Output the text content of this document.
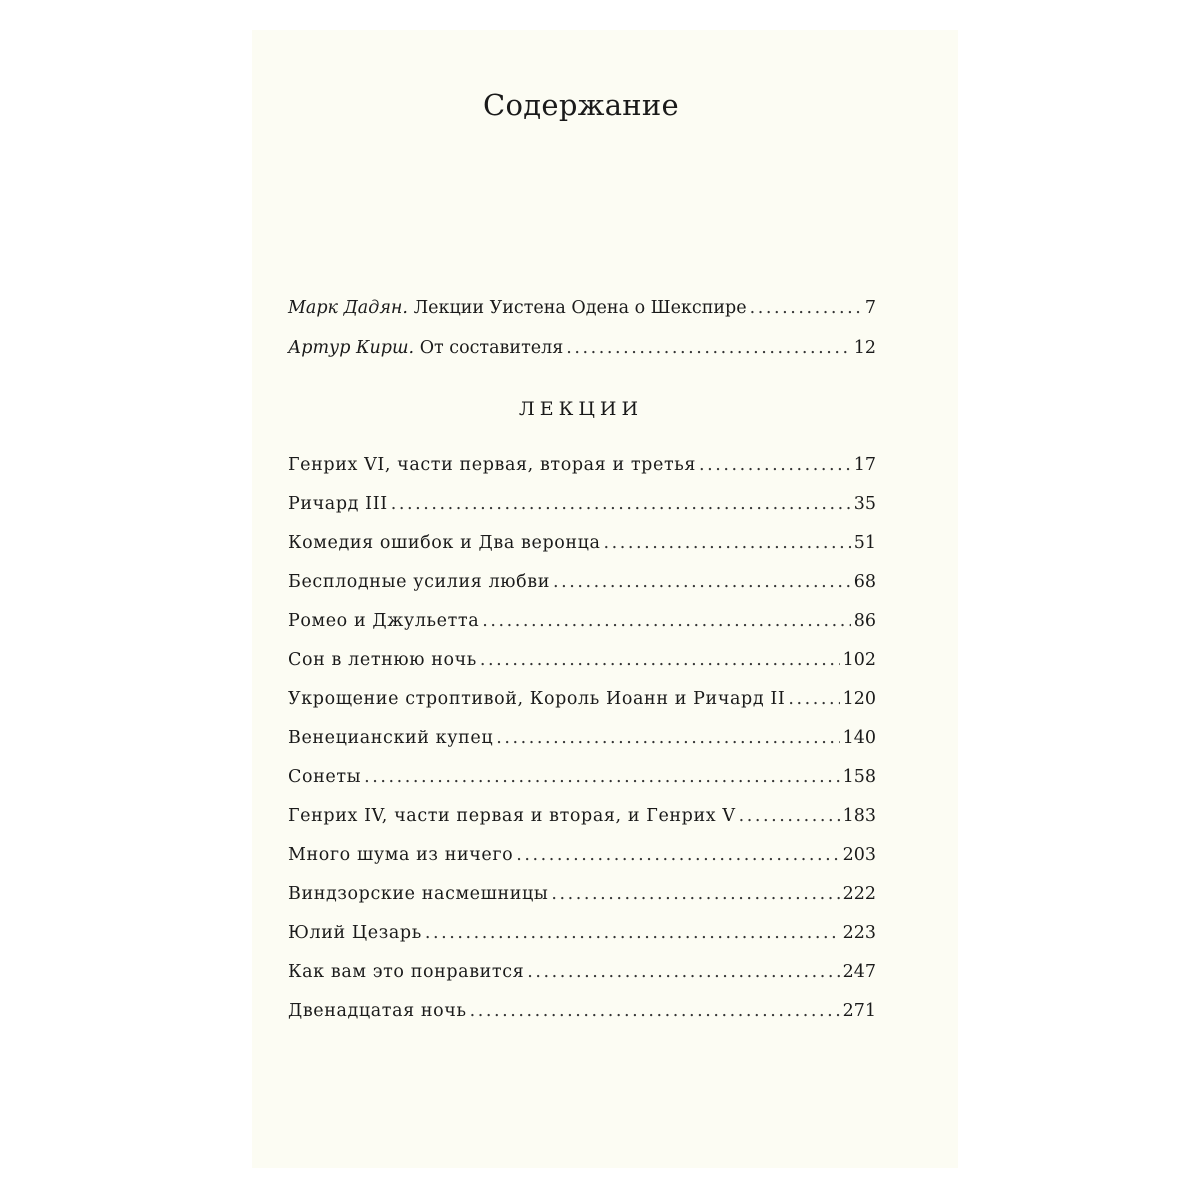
Содержание
Марк Дадян. Лекции Уистена Одена о Шекспире . . .	7
Артур Кирш. От составителя . . .	12
ЛЕКЦИИ
Генрих VI, части первая, вторая и третья . . .	17
Ричард III . . .	35
Комедия ошибок и Два веронца . . .	51
Бесплодные усилия любви . . .	68
Ромео и Джульетта . . .	86
Сон в летнюю ночь . . .	102
Укрощение строптивой, Король Иоанн и Ричард II . . .	120
Венецианский купец . . .	140
Сонеты . . .	158
Генрих IV, части первая и вторая, и Генрих V . . .	183
Много шума из ничего . . .	203
Виндзорские насмешницы . . .	222
Юлий Цезарь . . .	223
Как вам это понравится . . .	247
Двенадцатая ночь . . .	271
